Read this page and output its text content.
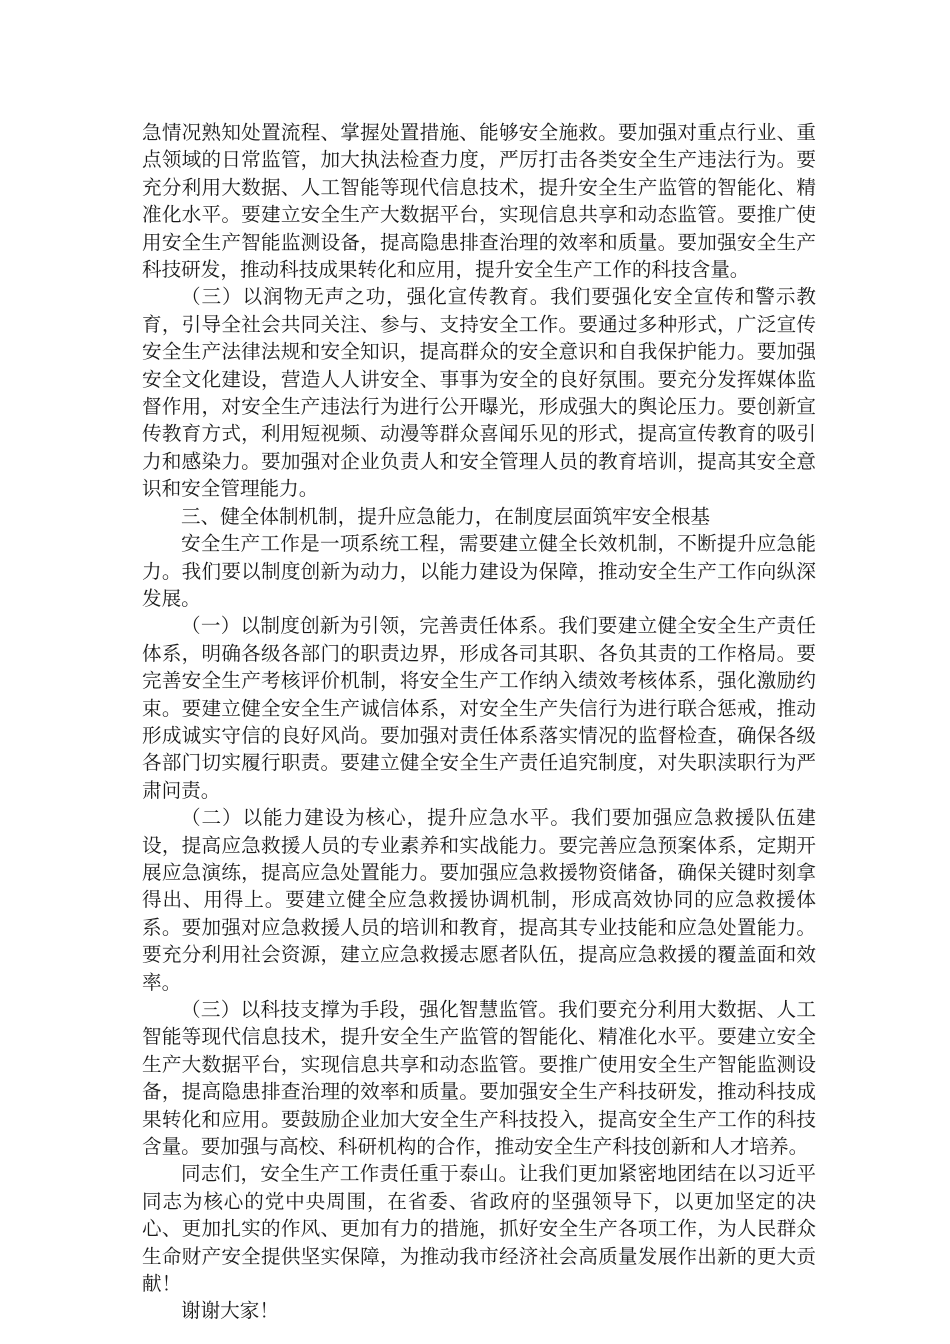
急情况熟知处置流程、掌握处置措施、能够安全施救。要加强对重点行业、重点领域的日常监管，加大执法检查力度，严厉打击各类安全生产违法行为。要充分利用大数据、人工智能等现代信息技术，提升安全生产监管的智能化、精准化水平。要建立安全生产大数据平台，实现信息共享和动态监管。要推广使用安全生产智能监测设备，提高隐患排查治理的效率和质量。要加强安全生产科技研发，推动科技成果转化和应用，提升安全生产工作的科技含量。

（三）以润物无声之功，强化宣传教育。我们要强化安全宣传和警示教育，引导全社会共同关注、参与、支持安全工作。要通过多种形式，广泛宣传安全生产法律法规和安全知识，提高群众的安全意识和自我保护能力。要加强安全文化建设，营造人人讲安全、事事为安全的良好氛围。要充分发挥媒体监督作用，对安全生产违法行为进行公开曝光，形成强大的舆论压力。要创新宣传教育方式，利用短视频、动漫等群众喜闻乐见的形式，提高宣传教育的吸引力和感染力。要加强对企业负责人和安全管理人员的教育培训，提高其安全意识和安全管理能力。

三、健全体制机制，提升应急能力，在制度层面筑牢安全根基

安全生产工作是一项系统工程，需要建立健全长效机制，不断提升应急能力。我们要以制度创新为动力，以能力建设为保障，推动安全生产工作向纵深发展。

（一）以制度创新为引领，完善责任体系。我们要建立健全安全生产责任体系，明确各级各部门的职责边界，形成各司其职、各负其责的工作格局。要完善安全生产考核评价机制，将安全生产工作纳入绩效考核体系，强化激励约束。要建立健全安全生产诚信体系，对安全生产失信行为进行联合惩戒，推动形成诚实守信的良好风尚。要加强对责任体系落实情况的监督检查，确保各级各部门切实履行职责。要建立健全安全生产责任追究制度，对失职渎职行为严肃问责。

（二）以能力建设为核心，提升应急水平。我们要加强应急救援队伍建设，提高应急救援人员的专业素养和实战能力。要完善应急预案体系，定期开展应急演练，提高应急处置能力。要加强应急救援物资储备，确保关键时刻拿得出、用得上。要建立健全应急救援协调机制，形成高效协同的应急救援体系。要加强对应急救援人员的培训和教育，提高其专业技能和应急处置能力。要充分利用社会资源，建立应急救援志愿者队伍，提高应急救援的覆盖面和效率。

（三）以科技支撑为手段，强化智慧监管。我们要充分利用大数据、人工智能等现代信息技术，提升安全生产监管的智能化、精准化水平。要建立安全生产大数据平台，实现信息共享和动态监管。要推广使用安全生产智能监测设备，提高隐患排查治理的效率和质量。要加强安全生产科技研发，推动科技成果转化和应用。要鼓励企业加大安全生产科技投入，提高安全生产工作的科技含量。要加强与高校、科研机构的合作，推动安全生产科技创新和人才培养。

同志们，安全生产工作责任重于泰山。让我们更加紧密地团结在以习近平同志为核心的党中央周围，在省委、省政府的坚强领导下，以更加坚定的决心、更加扎实的作风、更加有力的措施，抓好安全生产各项工作，为人民群众生命财产安全提供坚实保障，为推动我市经济社会高质量发展作出新的更大贡献！

谢谢大家！
